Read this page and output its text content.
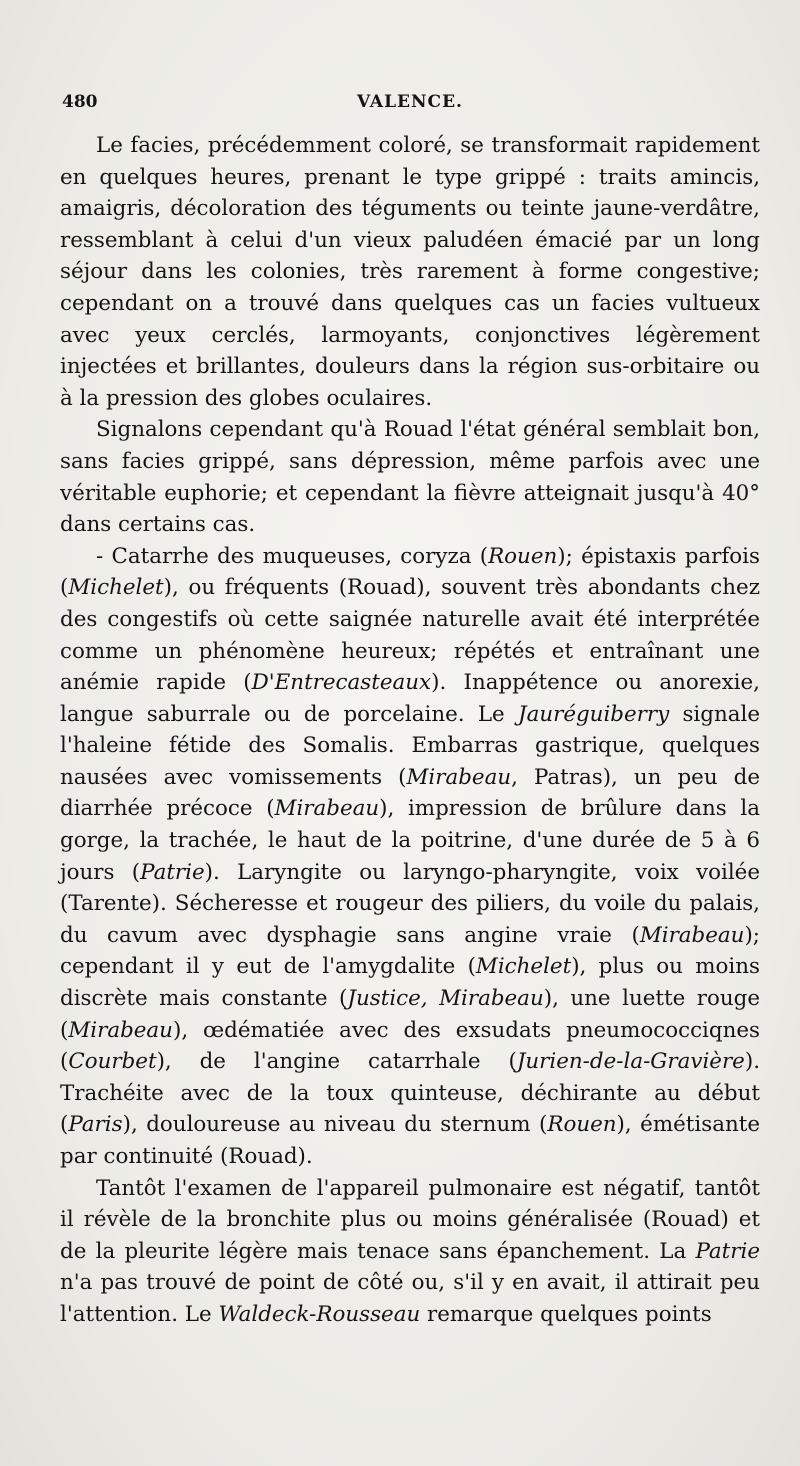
480	VALENCE.

Le facies, précédemment coloré, se transformait rapidement en quelques heures, prenant le type grippé : traits amincis, amaigris, décoloration des téguments ou teinte jaune-verdâtre, ressemblant à celui d'un vieux paludéen émacié par un long séjour dans les colonies, très rarement à forme congestive; cependant on a trouvé dans quelques cas un facies vultueux avec yeux cerclés, larmoyants, conjonctives légèrement injectées et brillantes, douleurs dans la région sus-orbitaire ou à la pression des globes oculaires.

Signalons cependant qu'à Rouad l'état général semblait bon, sans facies grippé, sans dépression, même parfois avec une véritable euphorie; et cependant la fièvre atteignait jusqu'à 40° dans certains cas.

- Catarrhe des muqueuses, coryza (Rouen); épistaxis parfois (Michelet), ou fréquents (Rouad), souvent très abondants chez des congestifs où cette saignée naturelle avait été interprétée comme un phénomène heureux; répétés et entraînant une anémie rapide (D'Entrecasteaux). Inappétence ou anorexie, langue saburrale ou de porcelaine. Le Jauréguiberry signale l'haleine fétide des Somalis. Embarras gastrique, quelques nausées avec vomissements (Mirabeau, Patras), un peu de diarrhée précoce (Mirabeau), impression de brûlure dans la gorge, la trachée, le haut de la poitrine, d'une durée de 5 à 6 jours (Patrie). Laryngite ou laryngo-pharyngite, voix voilée (Tarente). Sécheresse et rougeur des piliers, du voile du palais, du cavum avec dysphagie sans angine vraie (Mirabeau); cependant il y eut de l'amygdalite (Michelet), plus ou moins discrète mais constante (Justice, Mirabeau), une luette rouge (Mirabeau), œdématiée avec des exsudats pneumococciqnes (Courbet), de l'angine catarrhale (Jurien-de-la-Gravière). Trachéite avec de la toux quinteuse, déchirante au début (Paris), douloureuse au niveau du sternum (Rouen), émétisante par continuité (Rouad).

Tantôt l'examen de l'appareil pulmonaire est négatif, tantôt il révèle de la bronchite plus ou moins généralisée (Rouad) et de la pleurite légère mais tenace sans épanchement. La Patrie n'a pas trouvé de point de côté ou, s'il y en avait, il attirait peu l'attention. Le Waldeck-Rousseau remarque quelques points
